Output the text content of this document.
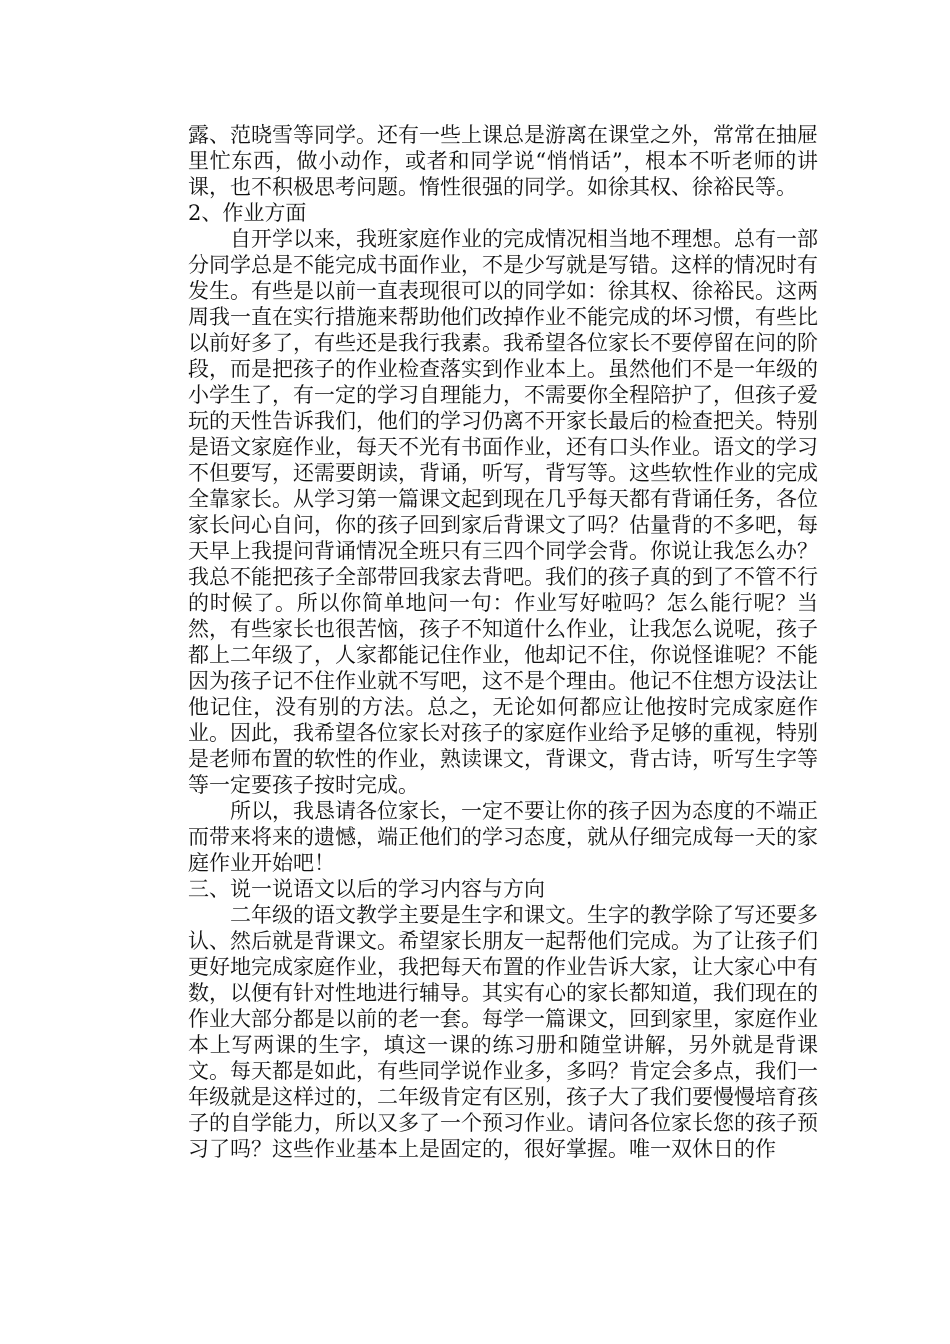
露、范晓雪等同学。还有一些上课总是游离在课堂之外，常常在抽屉里忙东西，做小动作，或者和同学说“悄悄话”，根本不听老师的讲课，也不积极思考问题。惰性很强的同学。如徐其权、徐裕民等。

2、作业方面

自开学以来，我班家庭作业的完成情况相当地不理想。总有一部分同学总是不能完成书面作业，不是少写就是写错。这样的情况时有发生。有些是以前一直表现很可以的同学如：徐其权、徐裕民。这两周我一直在实行措施来帮助他们改掉作业不能完成的坏习惯，有些比以前好多了，有些还是我行我素。我希望各位家长不要停留在问的阶段，而是把孩子的作业检查落实到作业本上。虽然他们不是一年级的小学生了，有一定的学习自理能力，不需要你全程陪护了，但孩子爱玩的天性告诉我们，他们的学习仍离不开家长最后的检查把关。特别是语文家庭作业，每天不光有书面作业，还有口头作业。语文的学习不但要写，还需要朗读，背诵，听写，背写等。这些软性作业的完成全靠家长。从学习第一篇课文起到现在几乎每天都有背诵任务，各位家长问心自问，你的孩子回到家后背课文了吗？估量背的不多吧，每天早上我提问背诵情况全班只有三四个同学会背。你说让我怎么办？我总不能把孩子全部带回我家去背吧。我们的孩子真的到了不管不行的时候了。所以你简单地问一句：作业写好啦吗？怎么能行呢？当然，有些家长也很苦恼，孩子不知道什么作业，让我怎么说呢，孩子都上二年级了，人家都能记住作业，他却记不住，你说怪谁呢？不能因为孩子记不住作业就不写吧，这不是个理由。他记不住想方设法让他记住，没有别的方法。总之，无论如何都应让他按时完成家庭作业。因此，我希望各位家长对孩子的家庭作业给予足够的重视，特别是老师布置的软性的作业，熟读课文，背课文，背古诗，听写生字等等一定要孩子按时完成。

所以，我恳请各位家长，一定不要让你的孩子因为态度的不端正而带来将来的遗憾，端正他们的学习态度，就从仔细完成每一天的家庭作业开始吧！

三、说一说语文以后的学习内容与方向

二年级的语文教学主要是生字和课文。生字的教学除了写还要多认、然后就是背课文。希望家长朋友一起帮他们完成。为了让孩子们更好地完成家庭作业，我把每天布置的作业告诉大家，让大家心中有数，以便有针对性地进行辅导。其实有心的家长都知道，我们现在的作业大部分都是以前的老一套。每学一篇课文，回到家里，家庭作业本上写两课的生字，填这一课的练习册和随堂讲解，另外就是背课文。每天都是如此，有些同学说作业多，多吗？肯定会多点，我们一年级就是这样过的，二年级肯定有区别，孩子大了我们要慢慢培育孩子的自学能力，所以又多了一个预习作业。请问各位家长您的孩子预习了吗？这些作业基本上是固定的，很好掌握。唯一双休日的作
